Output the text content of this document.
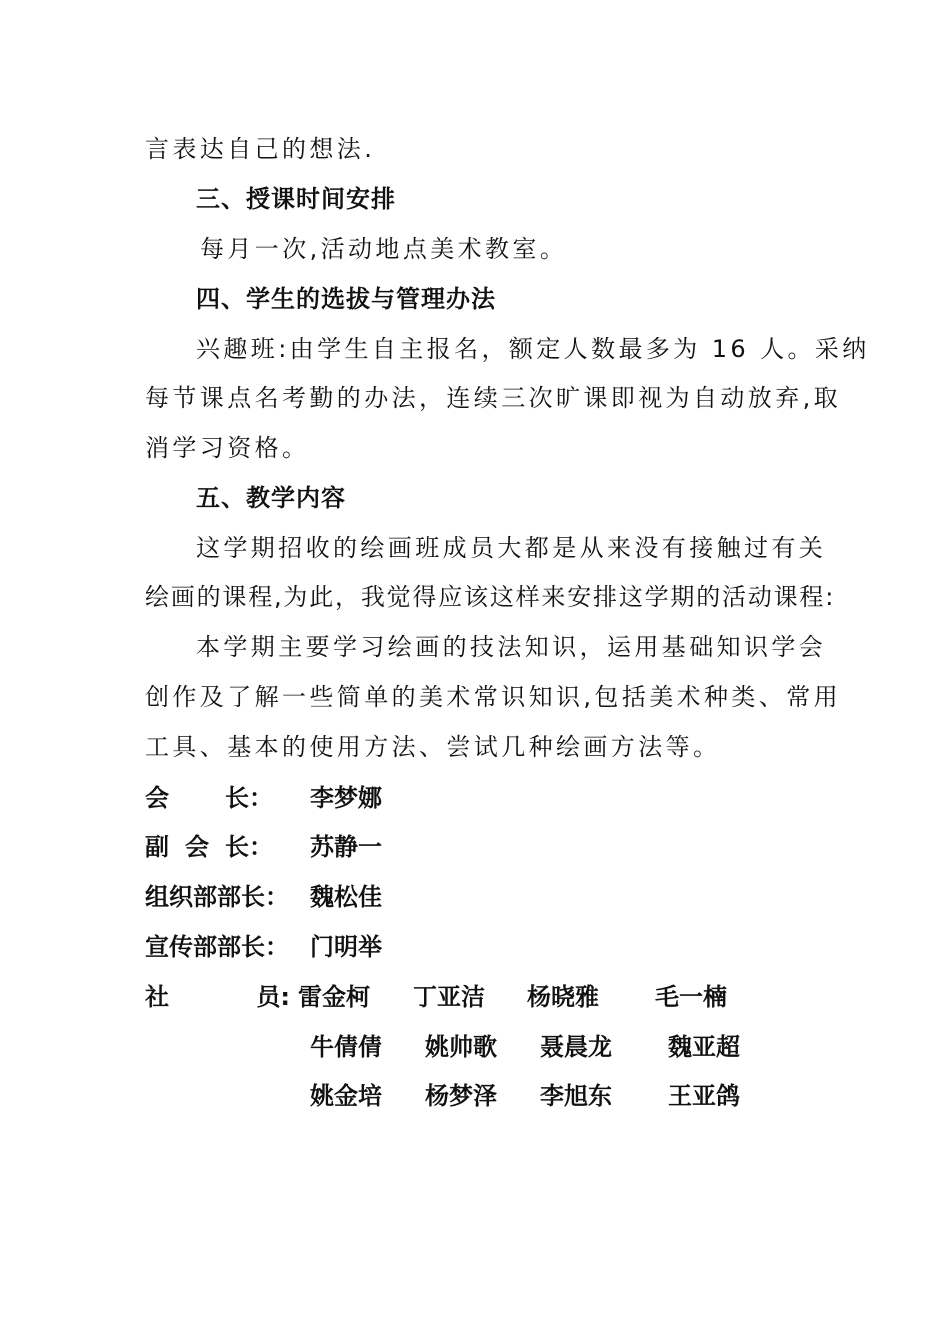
言表达自己的想法.
三、授课时间安排
每月一次,活动地点美术教室。
四、学生的选拔与管理办法
兴趣班:由学生自主报名，额定人数最多为 16 人。采纳
每节课点名考勤的办法，连续三次旷课即视为自动放弃,取
消学习资格。
五、教学内容
这学期招收的绘画班成员大都是从来没有接触过有关
绘画的课程,为此，我觉得应该这样来安排这学期的活动课程:
本学期主要学习绘画的技法知识，运用基础知识学会
创作及了解一些简单的美术常识知识,包括美术种类、常用
工具、基本的使用方法、尝试几种绘画方法等。
会 长： 李梦娜
副 会 长： 苏静一
组织部部长： 魏松佳
宣传部部长： 门明举
社	员: 雷金柯 丁亚洁 杨晓雅 毛一楠
牛倩倩 姚帅歌 聂晨龙 魏亚超
姚金培 杨梦泽 李旭东 王亚鸽
